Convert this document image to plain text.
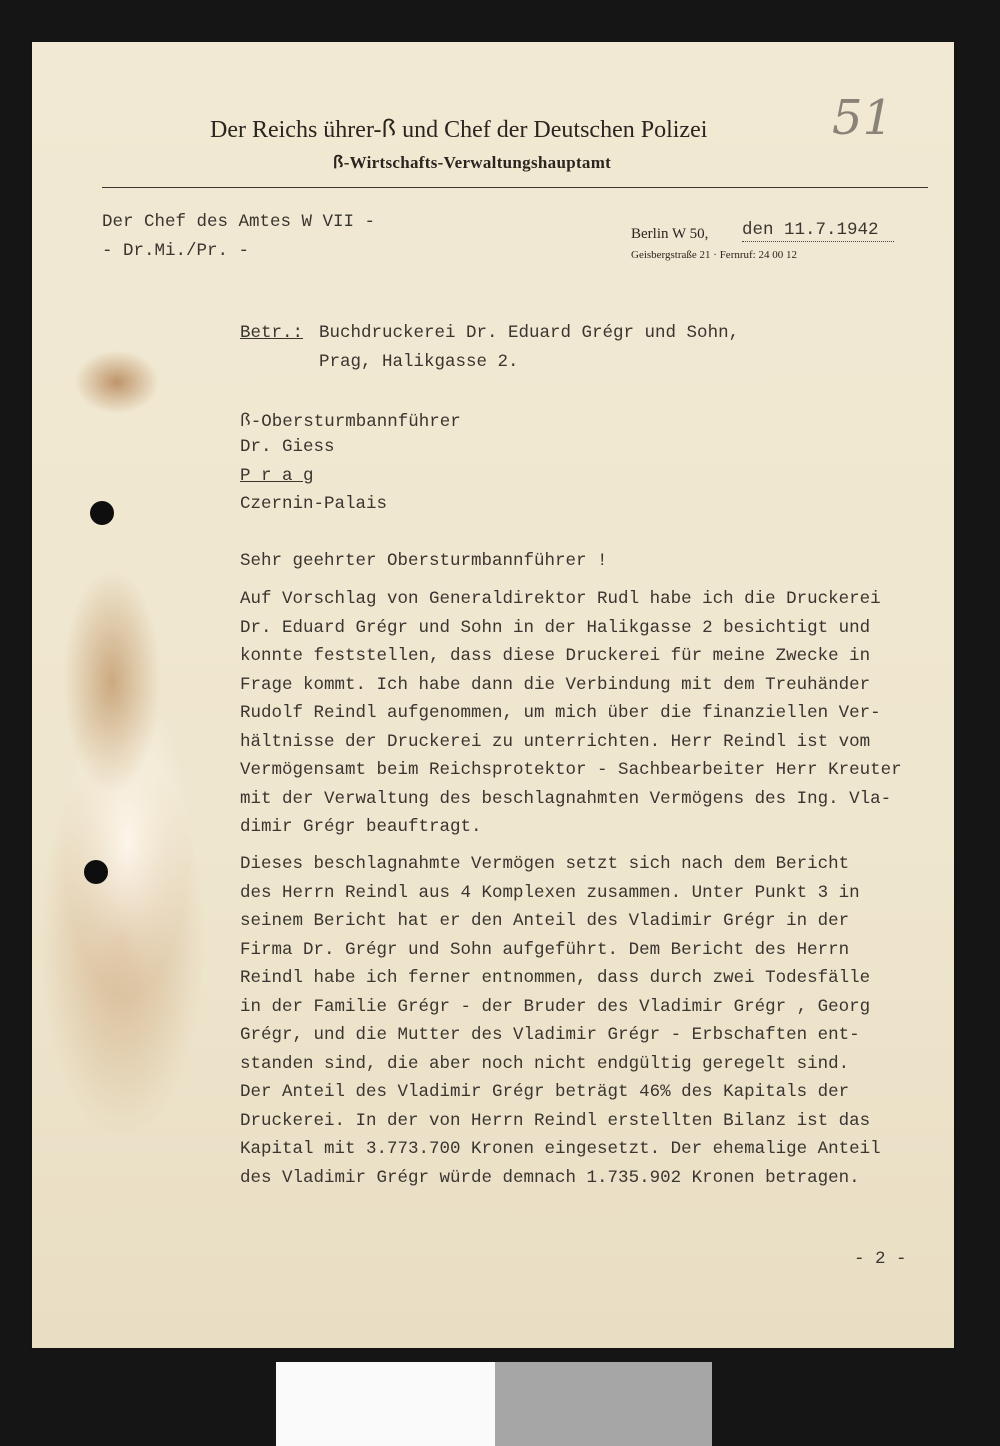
Der Reichs ührer-ꟗ und Chef der Deutschen Polizei
ꟗ-Wirtschafts-Verwaltungshauptamt
51
Der Chef des Amtes W VII -
- Dr.Mi./Pr. -
Berlin W 50, den 11.7.1942
Geisbergstraße 21 · Fernruf: 24 00 12
Betr.: Buchdruckerei Dr. Eduard Grégr und Sohn,
Prag, Halikgasse 2.
ꟗ-Obersturmbannführer
Dr. Giess
P r a g
Czernin-Palais
Sehr geehrter Obersturmbannführer !
Auf Vorschlag von Generaldirektor Rudl habe ich die Druckerei
Dr. Eduard Grégr und Sohn in der Halikgasse 2 besichtigt und
konnte feststellen, dass diese Druckerei für meine Zwecke in
Frage kommt. Ich habe dann die Verbindung mit dem Treuhänder
Rudolf Reindl aufgenommen, um mich über die finanziellen Ver-
hältnisse der Druckerei zu unterrichten. Herr Reindl ist vom
Vermögensamt beim Reichsprotektor - Sachbearbeiter Herr Kreuter
mit der Verwaltung des beschlagnahmten Vermögens des Ing. Vla-
dimir Grégr beauftragt.
Dieses beschlagnahmte Vermögen setzt sich nach dem Bericht
des Herrn Reindl aus 4 Komplexen zusammen. Unter Punkt 3 in
seinem Bericht hat er den Anteil des Vladimir Grégr in der
Firma Dr. Grégr und Sohn aufgeführt. Dem Bericht des Herrn
Reindl habe ich ferner entnommen, dass durch zwei Todesfälle
in der Familie Grégr - der Bruder des Vladimir Grégr , Georg
Grégr, und die Mutter des Vladimir Grégr - Erbschaften ent-
standen sind, die aber noch nicht endgültig geregelt sind.
Der Anteil des Vladimir Grégr beträgt 46% des Kapitals der
Druckerei. In der von Herrn Reindl erstellten Bilanz ist das
Kapital mit 3.773.700 Kronen eingesetzt. Der ehemalige Anteil
des Vladimir Grégr würde demnach 1.735.902 Kronen betragen.
- 2 -
